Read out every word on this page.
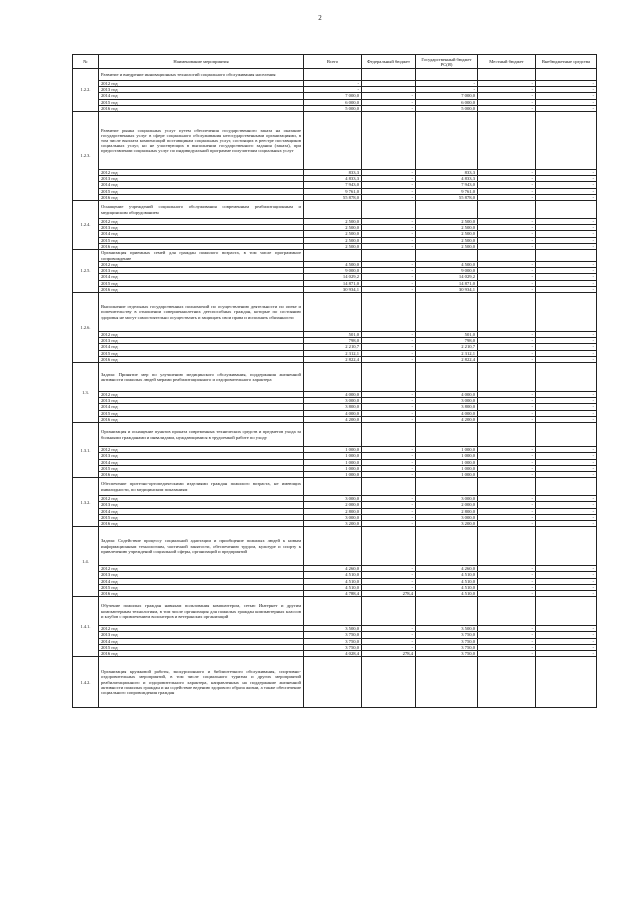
2
№	Наименование мероприятия	Всего	Федеральный бюджет	Государственный бюджет РС(Я)	Местный бюджет	Внебюджетные средства
1.2.2.	Развитие и внедрение инновационных технологий социального обслуживания населения					
	2012 год	-		-	-	-
	2013 год	-		-	-	-
	2014 год	7 000,0	-	7 000,0	-	-
	2015 год	6 000,0	-	6 000,0	-	-
	2016 год	5 000,0	-	5 000,0	-	-
1.2.3.	Развитие рынка социальных услуг путем обеспечения государственного заказа на оказание государственных услуг в сфере социального обслуживания негосударственными организациями, в том числе выплата компенсаций поставщикам социальных услуг, состоящих в реестре поставщиков социальных услуг, но не участвующих в выполнении государственного задания (заказа), при предоставлении социальных услуг по индивидуальной программе получателям социальных услуг					
	2012 год	833,3	-	833,3	-	-
	2013 год	4 833,3	-	4 833,3	-	-
	2014 год	7 943,0	-	7 943,0	-	-
	2015 год	9 761,0	-	9 761,0	-	-
	2016 год	55 878,0	-	55 878,0	-	-
1.2.4.	Оснащение учреждений социального обслуживания современным реабилитационным и медицинским оборудованием					
	2012 год	2 500,0	-	2 500,0	-	-
	2013 год	2 500,0	-	2 500,0	-	-
	2014 год	2 500,0	-	2 500,0	-	-
	2015 год	2 500,0	-	2 500,0	-	-
	2016 год	2 500,0	-	2 500,0	-	-
1.2.5.	Организация приемных семей для граждан пожилого возраста, в том числе программное сопровождение					
	2012 год	4 500,0	-	4 500,0	-	-
	2013 год	9 000,0	-	9 000,0	-	-
	2014 год	14 029,2	-	14 029,2	-	-
	2015 год	14 871,0	-	14 871,0	-	-
	2016 год	30 934,1	-	30 934,1	-	-
1.2.6.	Выполнение отдельных государственных полномочий по осуществлению деятельности по опеке и попечительству в отношении совершеннолетних дееспособных граждан, которые по состоянию здоровья не могут самостоятельно осуществлять и защищать свои права и исполнять обязанности					
	2012 год	501,0	-	501,0	-	-
	2013 год	798,0	-	798,0	-	-
	2014 год	2 210,7	-	2 210,7	-	-
	2015 год	2 312,1	-	2 312,1	-	-
	2016 год	2 822,4	-	2 822,4	-	-
1.3.	Задача: Принятие мер по улучшению медицинского обслуживания, поддержания жизненной активности пожилых людей мерами реабилитационного и оздоровительного характера					
	2012 год	4 000,0	-	4 000,0	-	-
	2013 год	3 000,0	-	3 000,0	-	-
	2014 год	3 800,0	-	3 800,0	-	-
	2015 год	4 000,0	-	4 000,0	-	-
	2016 год	4 200,0	-	4 200,0	-	-
1.3.1.	Организация и оснащение пунктов проката современных технических средств и предметов ухода за больными гражданами и инвалидами, нуждающимися в трудоемкой работе по уходу					
	2012 год	1 000,0	-	1 000,0	-	-
	2013 год	1 000,0	-	1 000,0	-	-
	2014 год	1 000,0	-	1 000,0	-	-
	2015 год	1 000,0	-	1 000,0	-	-
	2016 год	1 000,0	-	1 000,0	-	-
1.3.2.	Обеспечение протезно-ортопедическими изделиями граждан пожилого возраста, не имеющих инвалидности, по медицинским показаниям					
	2012 год	3 000,0	-	3 000,0	-	-
	2013 год	2 000,0	-	2 000,0	-	-
	2014 год	2 800,0	-	2 800,0	-	-
	2015 год	3 000,0	-	3 000,0	-	-
	2016 год	3 200,0	-	3 200,0	-	-
1.4.	Задача: Содействие процессу социальной адаптации и приобщение пожилых людей к новым информационным технологиям, частичной занятости, обеспечению трудом, культуре и спорту к привлечению учреждений социальной сферы, организаций и предприятий					
	2012 год	4 260,0	-	4 260,0	-	-
	2013 год	4 510,0	-	4 510,0	-	-
	2014 год	4 510,0	-	4 510,0	-	-
	2015 год	4 510,0	-	4 510,0	-	-
	2016 год	4 788,4	278,4	4 510,0	-	-
1.4.1.	Обучение пожилых граждан навыкам пользования компьютером, сетью Интернет и другим компьютерным технологиям, в том числе организация для пожилых граждан компьютерных классов и клубов с привлечением волонтеров и ветеранских организаций					
	2012 год	3 500,0	-	3 500,0	-	-
	2013 год	3 750,0	-	3 750,0	-	-
	2014 год	3 750,0	-	3 750,0	-	-
	2015 год	3 750,0	-	3 750,0	-	-
	2016 год	4 028,4	278,4	3 750,0	-	-
1.4.2.	Организация кружковой работы, экскурсионного и библиотечного обслуживания, спортивно-оздоровительных мероприятий, в том числе социального туризма и других мероприятий реабилитационного и оздоровительного характера, направленных на поддержание жизненной активности пожилых граждан и на содействие ведению здорового образа жизни, а также обеспечение социального сопровождения граждан					
